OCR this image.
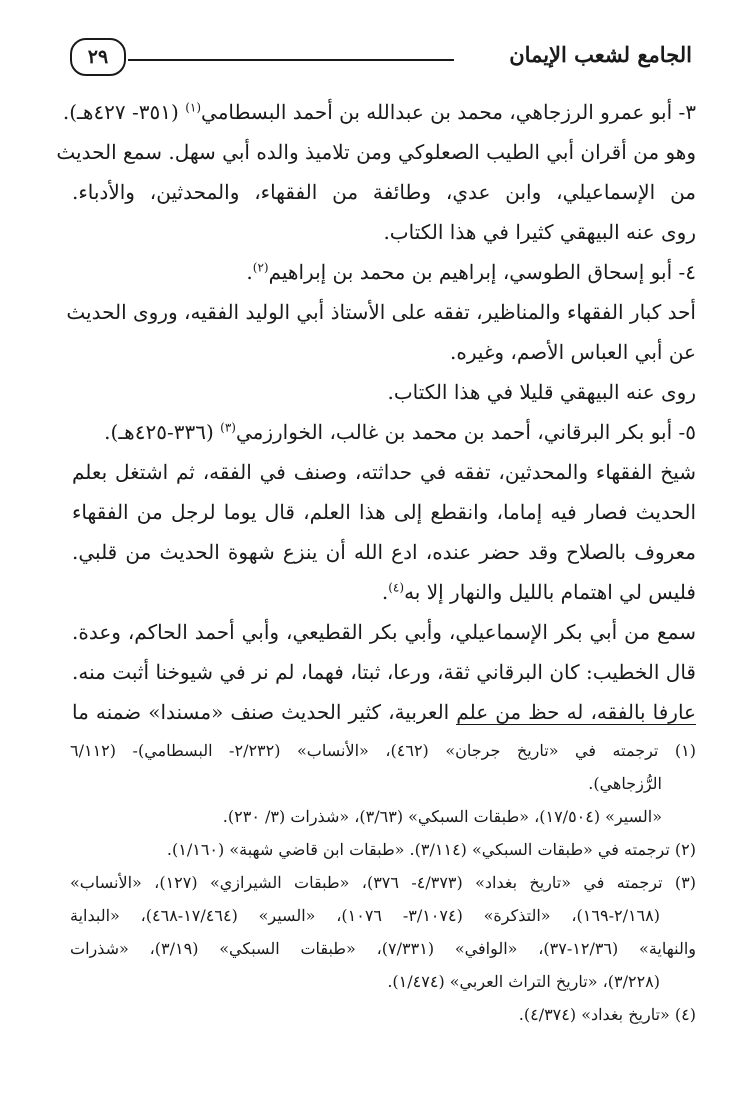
الجامع لشعب الإيمان
٢٩
٣- أبو عمرو الرزجاهي، محمد بن عبدالله بن أحمد البسطامي$^{(١)}$ (٣٥١- ٤٢٧هـ).
وهو من أقران أبي الطيب الصعلوكي ومن تلاميذ والده أبي سهل. سمع الحديث
من الإسماعيلي، وابن عدي، وطائفة من الفقهاء، والمحدثين، والأدباء.
روى عنه البيهقي كثيرا في هذا الكتاب.
٤- أبو إسحاق الطوسي، إبراهيم بن محمد بن إبراهيم$^{(٢)}$.
أحد كبار الفقهاء والمناظير، تفقه على الأستاذ أبي الوليد الفقيه، وروى الحديث
عن أبي العباس الأصم، وغيره.
روى عنه البيهقي قليلا في هذا الكتاب.
٥- أبو بكر البرقاني، أحمد بن محمد بن غالب، الخوارزمي$^{(٣)}$ (٣٣٦-٤٢٥هـ).
شيخ الفقهاء والمحدثين، تفقه في حداثته، وصنف في الفقه، ثم اشتغل بعلم
الحديث فصار فيه إماما، وانقطع إلى هذا العلم، قال يوما لرجل من الفقهاء
معروف بالصلاح وقد حضر عنده، ادع الله أن ينزع شهوة الحديث من قلبي.
فليس لي اهتمام بالليل والنهار إلا به$^{(٤)}$.
سمع من أبي بكر الإسماعيلي، وأبي بكر القطيعي، وأبي أحمد الحاكم، وعدة.
قال الخطيب: كان البرقاني ثقة، ورعا، ثبتا، فهما، لم نر في شيوخنا أثبت منه.
عارفا بالفقه، له حظ من علم العربية، كثير الحديث صنف «مسندا» ضمنه ما
(١) ترجمته في «تاريخ جرجان» (٤٦٢)، «الأنساب» (٢/٢٣٢- البسطامي)- (٦/١١٢
الرُّزجاهي).
«السير» (١٧/٥٠٤)، «طبقات السبكي» (٣/٦٣)، «شذرات (٣/ ٢٣٠).
(٢) ترجمته في «طبقات السبكي» (٣/١١٤). «طبقات ابن قاضي شهبة» (١/١٦٠).
(٣) ترجمته في «تاريخ بغداد» (٤/٣٧٣- ٣٧٦)، «طبقات الشيرازي» (١٢٧)، «الأنساب»
(٢/١٦٨-١٦٩)، «التذكرة» (٣/١٠٧٤- ١٠٧٦)، «السير» (١٧/٤٦٤-٤٦٨)، «البداية
والنهاية» (١٢/٣٦-٣٧)، «الوافي» (٧/٣٣١)، «طبقات السبكي» (٣/١٩)، «شذرات
(٣/٢٢٨)، «تاريخ التراث العربي» (١/٤٧٤).
(٤) «تاريخ بغداد» (٤/٣٧٤).
